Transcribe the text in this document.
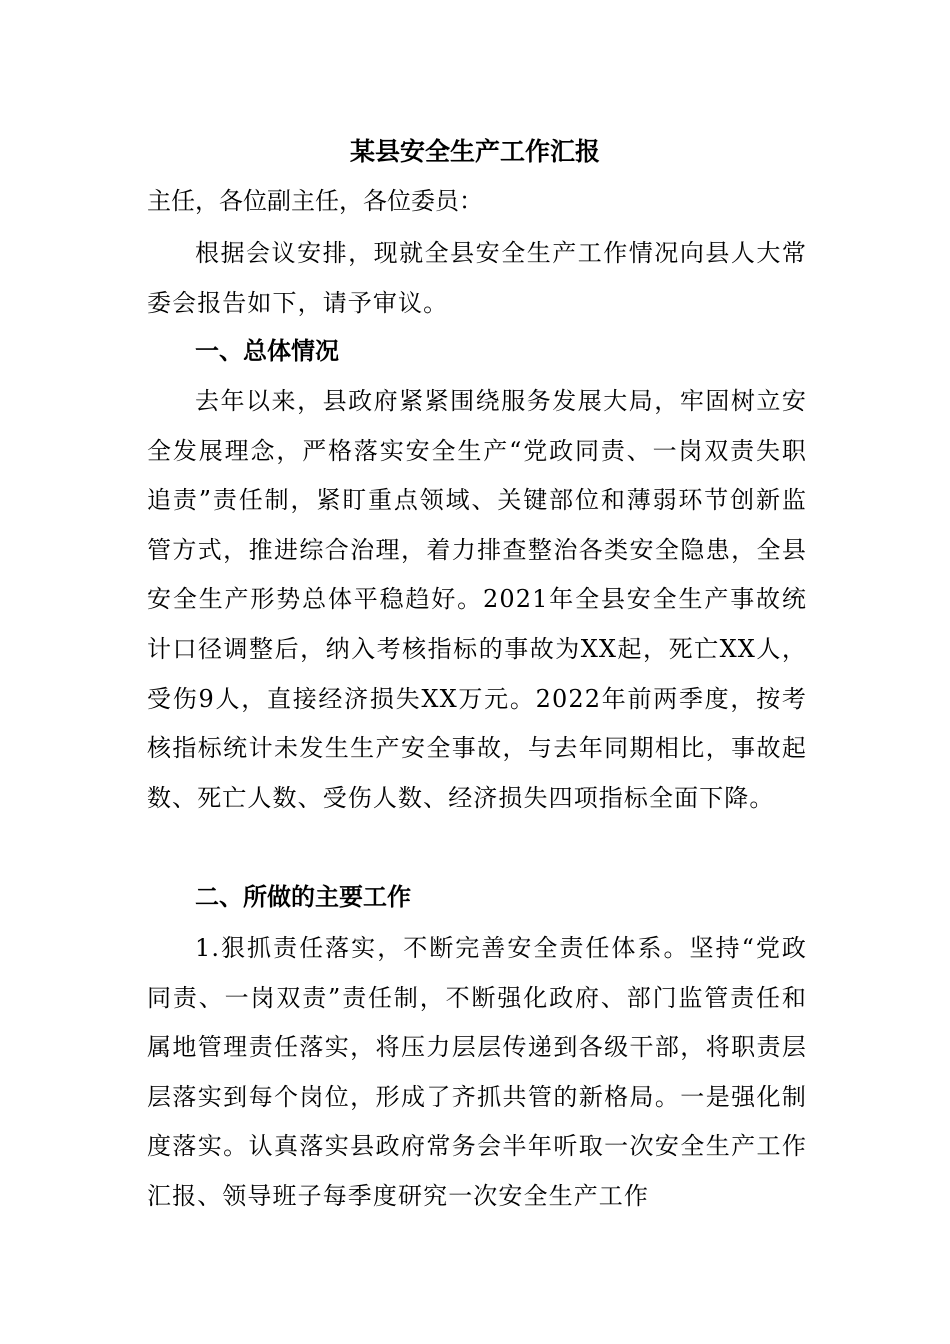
某县安全生产工作汇报

主任，各位副主任，各位委员：

根据会议安排，现就全县安全生产工作情况向县人大常委会报告如下，请予审议。

一、总体情况

去年以来，县政府紧紧围绕服务发展大局，牢固树立安全发展理念，严格落实安全生产“党政同责、一岗双责失职追责”责任制，紧盯重点领域、关键部位和薄弱环节创新监管方式，推进综合治理，着力排查整治各类安全隐患，全县安全生产形势总体平稳趋好。2021年全县安全生产事故统计口径调整后，纳入考核指标的事故为XX起，死亡XX人，受伤9人，直接经济损失XX万元。2022年前两季度，按考核指标统计未发生生产安全事故，与去年同期相比，事故起数、死亡人数、受伤人数、经济损失四项指标全面下降。

二、所做的主要工作

1.狠抓责任落实，不断完善安全责任体系。坚持“党政同责、一岗双责”责任制，不断强化政府、部门监管责任和属地管理责任落实，将压力层层传递到各级干部，将职责层层落实到每个岗位，形成了齐抓共管的新格局。一是强化制度落实。认真落实县政府常务会半年听取一次安全生产工作汇报、领导班子每季度研究一次安全生产工作
